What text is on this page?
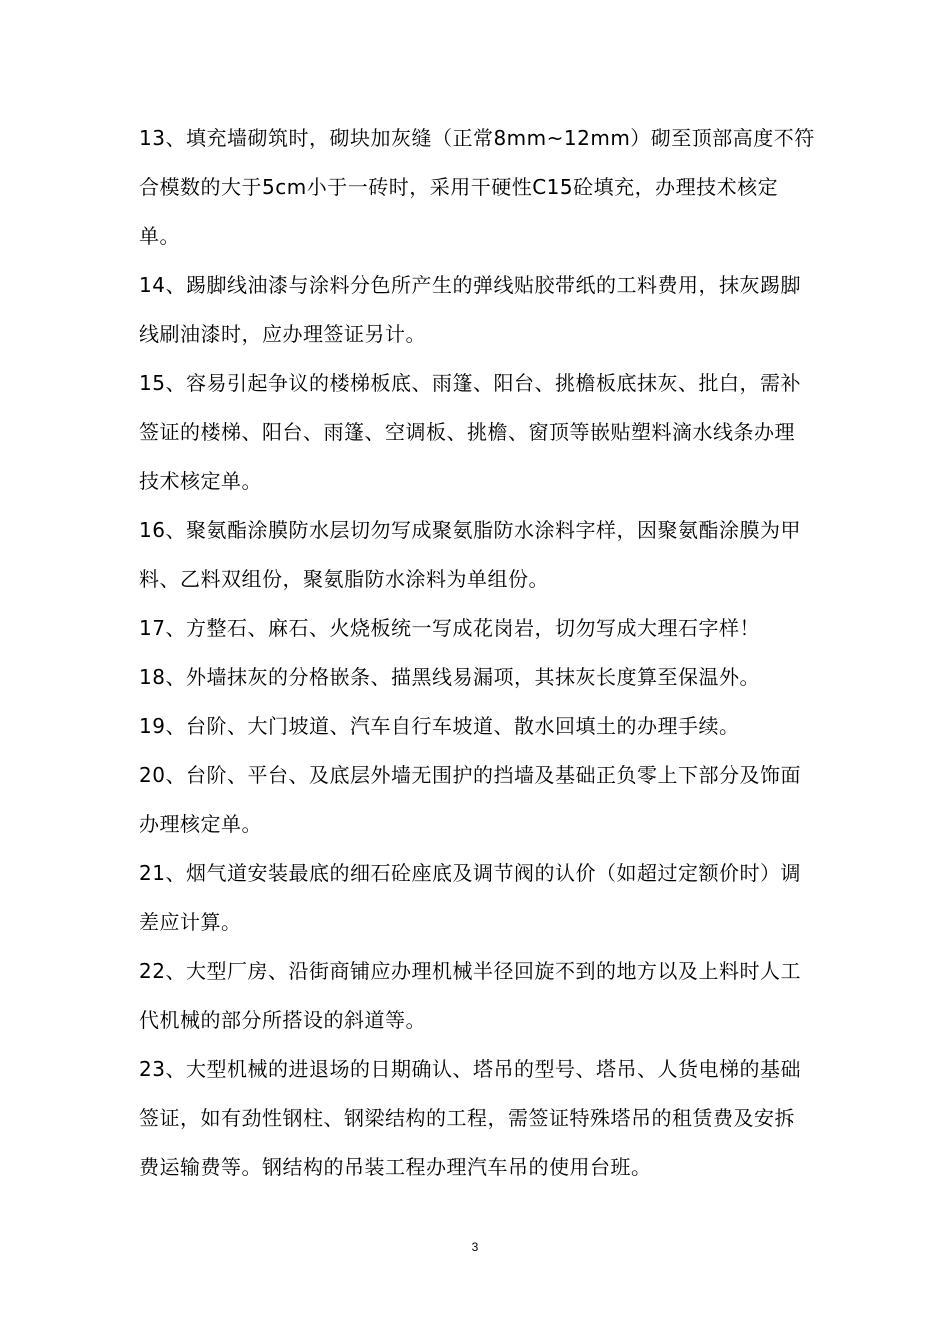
13、填充墙砌筑时，砌块加灰缝（正常8mm~12mm）砌至顶部高度不符合模数的大于5cm小于一砖时，采用干硬性C15砼填充，办理技术核定单。

14、踢脚线油漆与涂料分色所产生的弹线贴胶带纸的工料费用，抹灰踢脚线刷油漆时，应办理签证另计。

15、容易引起争议的楼梯板底、雨篷、阳台、挑檐板底抹灰、批白，需补签证的楼梯、阳台、雨篷、空调板、挑檐、窗顶等嵌贴塑料滴水线条办理技术核定单。

16、聚氨酯涂膜防水层切勿写成聚氨脂防水涂料字样，因聚氨酯涂膜为甲料、乙料双组份，聚氨脂防水涂料为单组份。

17、方整石、麻石、火烧板统一写成花岗岩，切勿写成大理石字样！

18、外墙抹灰的分格嵌条、描黑线易漏项，其抹灰长度算至保温外。

19、台阶、大门坡道、汽车自行车坡道、散水回填土的办理手续。

20、台阶、平台、及底层外墙无围护的挡墙及基础正负零上下部分及饰面办理核定单。

21、烟气道安装最底的细石砼座底及调节阀的认价（如超过定额价时）调差应计算。

22、大型厂房、沿街商铺应办理机械半径回旋不到的地方以及上料时人工代机械的部分所搭设的斜道等。

23、大型机械的进退场的日期确认、塔吊的型号、塔吊、人货电梯的基础签证，如有劲性钢柱、钢梁结构的工程，需签证特殊塔吊的租赁费及安拆费运输费等。钢结构的吊装工程办理汽车吊的使用台班。

3
